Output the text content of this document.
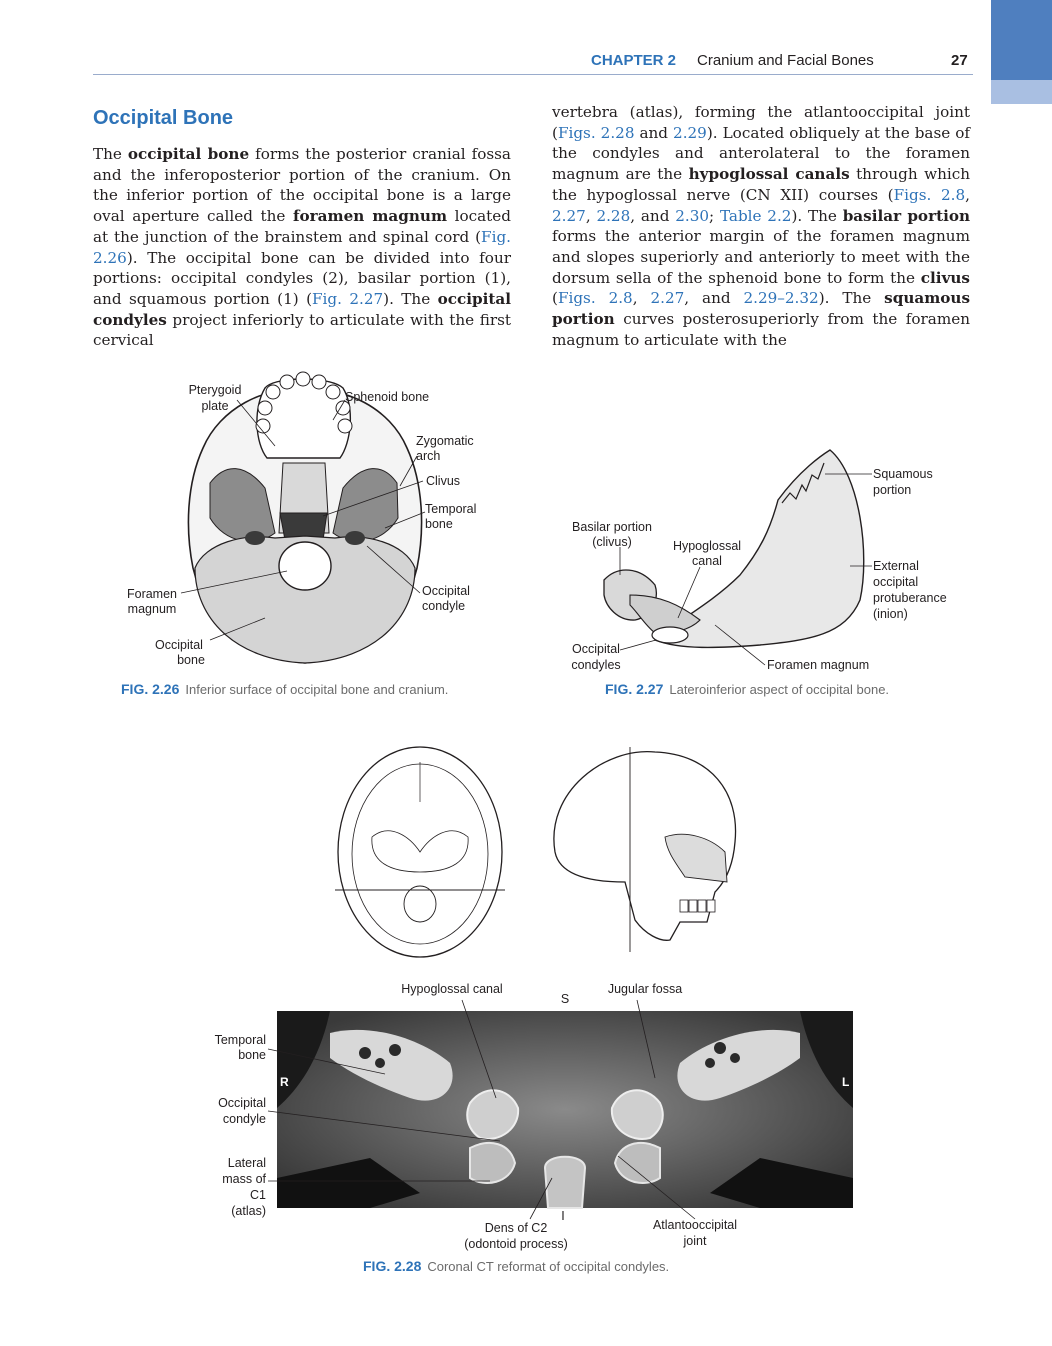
CHAPTER 2 Cranium and Facial Bones	27
Occipital Bone

The occipital bone forms the posterior cranial fossa and the inferoposterior portion of the cranium. On the inferior portion of the occipital bone is a large oval aperture called the foramen magnum located at the junction of the brainstem and spinal cord (Fig. 2.26). The occipital bone can be divided into four portions: occipital condyles (2), basilar portion (1), and squamous portion (1) (Fig. 2.27). The occipital condyles project inferiorly to articulate with the first cervical

vertebra (atlas), forming the atlantooccipital joint (Figs. 2.28 and 2.29). Located obliquely at the base of the condyles and anterolateral to the foramen magnum are the hypoglossal canals through which the hypoglossal nerve (CN XII) courses (Figs. 2.8, 2.27, 2.28, and 2.30; Table 2.2). The basilar portion forms the anterior margin of the foramen magnum and slopes superiorly and anteriorly to meet with the dorsum sella of the sphenoid bone to form the clivus (Figs. 2.8, 2.27, and 2.29–2.32). The squamous portion curves posterosuperiorly from the foramen magnum to articulate with the

Pterygoid
plate
Sphenoid bone
Zygomatic
arch
Clivus
Temporal
bone
Occipital
condyle
Foramen
magnum
Occipital
bone
FIG. 2.26 Inferior surface of occipital bone and cranium.
Basilar portion
(clivus)	Hypoglossal
canal
Squamous
portion
External
occipital
protuberance
(inion)
Occipital
condyles	Foramen magnum
FIG. 2.27 Lateroinferior aspect of occipital bone.
Hypoglossal canal
S
Jugular fossa
Temporal
bone
R	L
Occipital
condyle
Lateral
mass of
C1
(atlas)	I
Dens of C2
(odontoid process)
Atlantooccipital
joint
FIG. 2.28 Coronal CT reformat of occipital condyles.
